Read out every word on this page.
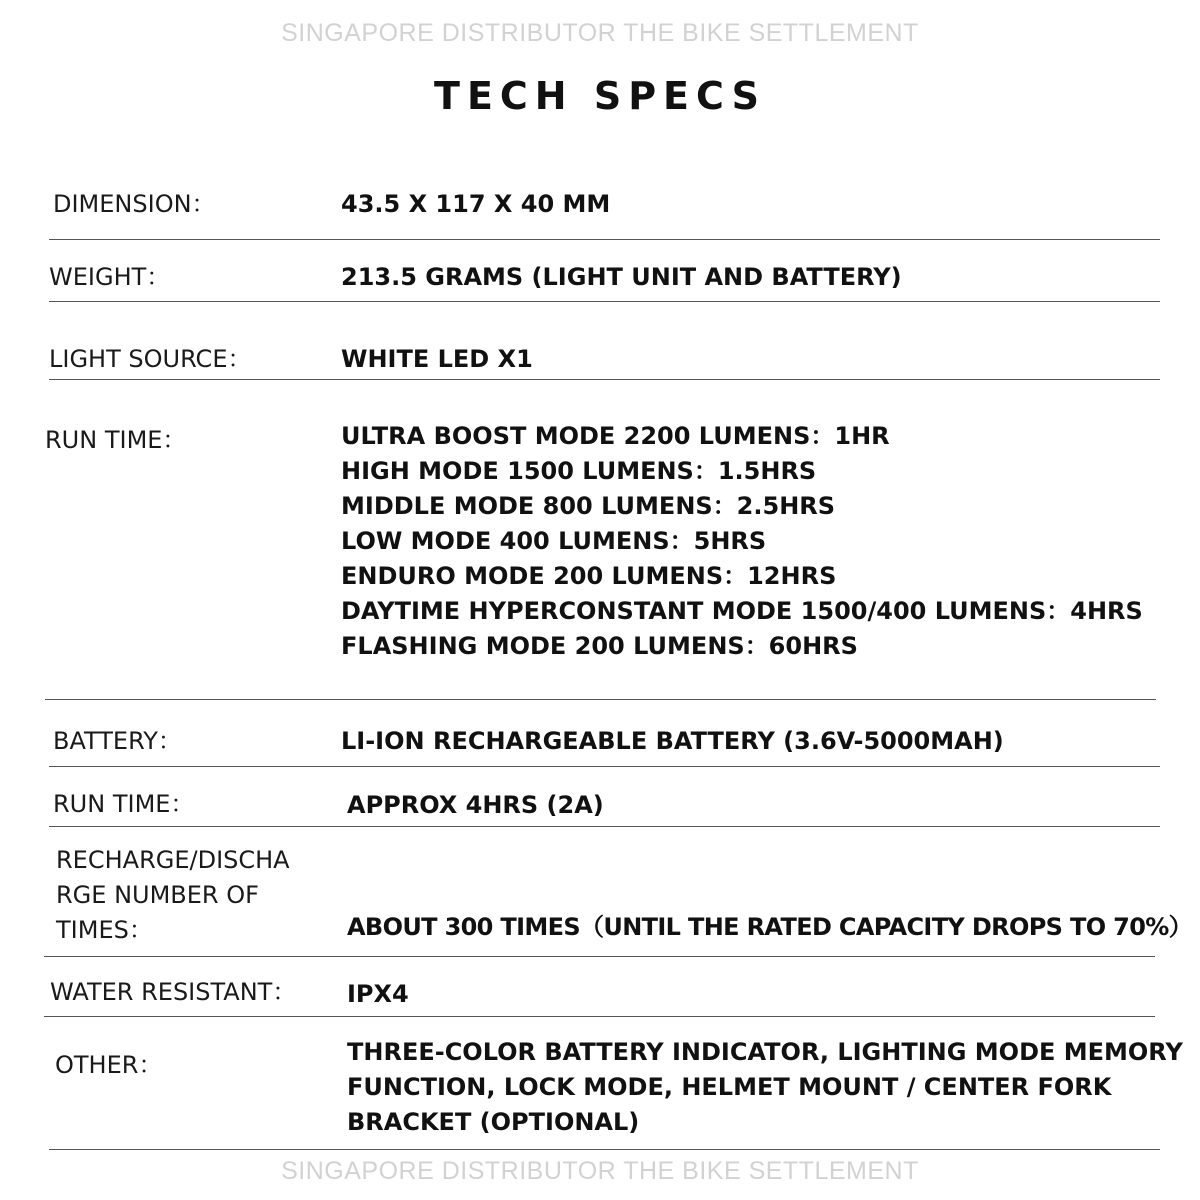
SINGAPORE DISTRIBUTOR THE BIKE SETTLEMENT
TECH SPECS
DIMENSION：	43.5 X 117 X 40 MM
WEIGHT：	213.5 GRAMS (LIGHT UNIT AND BATTERY)
LIGHT SOURCE：	WHITE LED X1
RUN TIME：	ULTRA BOOST MODE 2200 LUMENS：1HR
HIGH MODE 1500 LUMENS：1.5HRS
MIDDLE MODE 800 LUMENS：2.5HRS
LOW MODE 400 LUMENS：5HRS
ENDURO MODE 200 LUMENS：12HRS
DAYTIME HYPERCONSTANT MODE 1500/400 LUMENS：4HRS
FLASHING MODE 200 LUMENS：60HRS
BATTERY：	LI-ION RECHARGEABLE BATTERY (3.6V-5000MAH)
RUN TIME：	APPROX 4HRS (2A)
RECHARGE/DISCHA
RGE NUMBER OF
TIMES：	ABOUT 300 TIMES（UNTIL THE RATED CAPACITY DROPS TO 70%）
WATER RESISTANT： IPX4
OTHER：	THREE-COLOR BATTERY INDICATOR, LIGHTING MODE MEMORY
FUNCTION, LOCK MODE, HELMET MOUNT / CENTER FORK
BRACKET (OPTIONAL)
SINGAPORE DISTRIBUTOR THE BIKE SETTLEMENT
